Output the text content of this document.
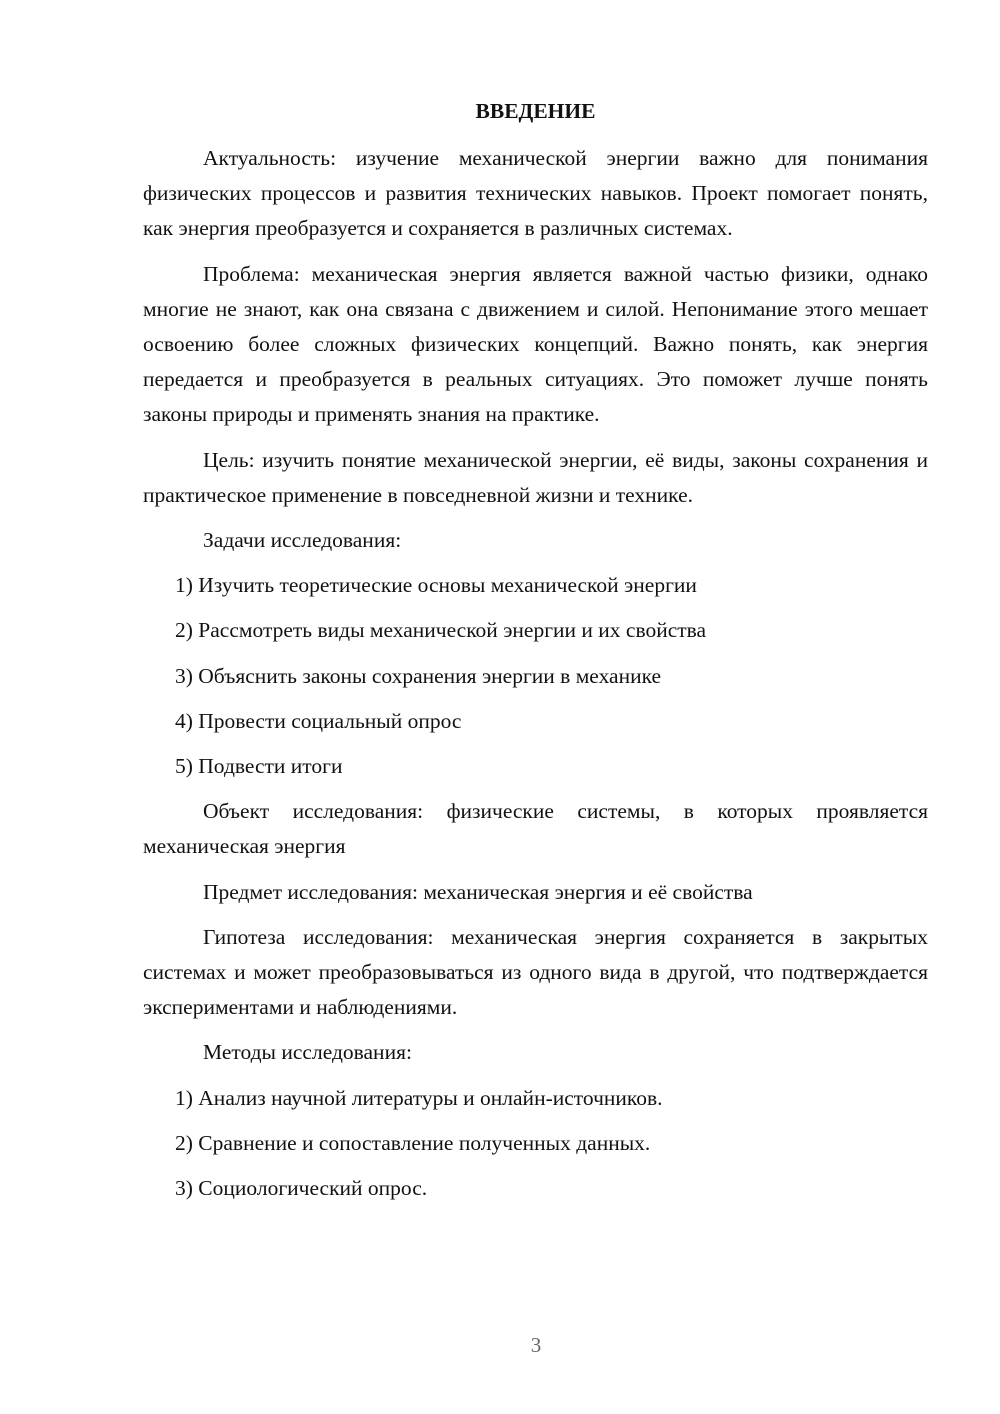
ВВЕДЕНИЕ

Актуальность: изучение механической энергии важно для понимания физических процессов и развития технических навыков. Проект помогает понять, как энергия преобразуется и сохраняется в различных системах.

Проблема: механическая энергия является важной частью физики, однако многие не знают, как она связана с движением и силой. Непонимание этого мешает освоению более сложных физических концепций. Важно понять, как энергия передается и преобразуется в реальных ситуациях. Это поможет лучше понять законы природы и применять знания на практике.

Цель: изучить понятие механической энергии, её виды, законы сохранения и практическое применение в повседневной жизни и технике.

Задачи исследования:
1) Изучить теоретические основы механической энергии
2) Рассмотреть виды механической энергии и их свойства
3) Объяснить законы сохранения энергии в механике
4) Провести социальный опрос
5) Подвести итоги

Объект исследования: физические системы, в которых проявляется механическая энергия

Предмет исследования: механическая энергия и её свойства

Гипотеза исследования: механическая энергия сохраняется в закрытых системах и может преобразовываться из одного вида в другой, что подтверждается экспериментами и наблюдениями.

Методы исследования:
1) Анализ научной литературы и онлайн-источников.
2) Сравнение и сопоставление полученных данных.
3) Социологический опрос.
3
